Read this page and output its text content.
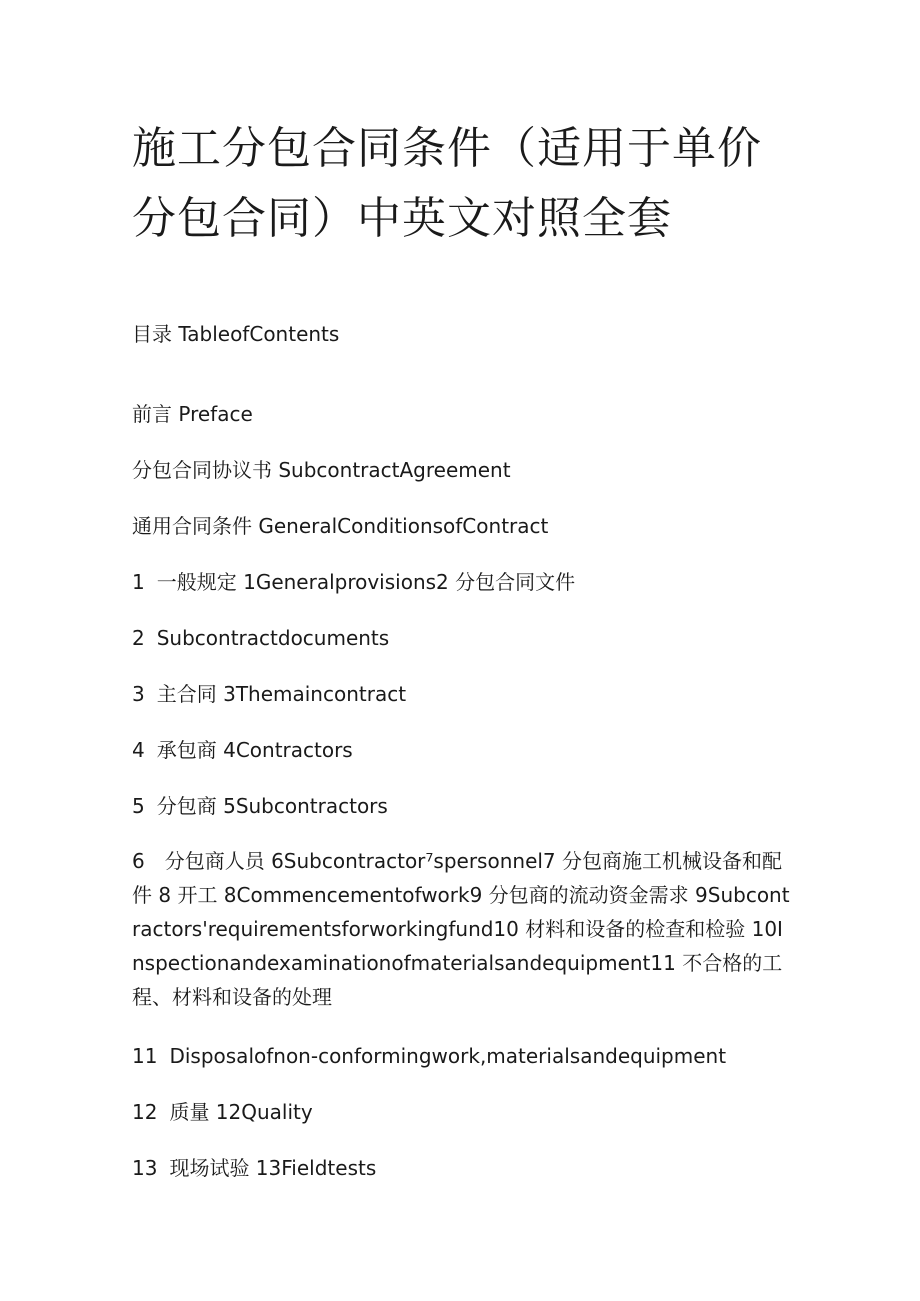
施工分包合同条件（适用于单价分包合同）中英文对照全套

目录 TableofContents

前言 Preface

分包合同协议书 SubcontractAgreement

通用合同条件 GeneralConditionsofContract

1 一般规定 1Generalprovisions2 分包合同文件

2 Subcontractdocuments

3 主合同 3Themaincontract

4 承包商 4Contractors

5 分包商 5Subcontractors

6　分包商人员 6Subcontractor⁷spersonnel7 分包商施工机械设备和配件 8 开工 8Commencementofwork9 分包商的流动资金需求 9Subcontractors'requirementsforworkingfund10 材料和设备的检查和检验 10Inspectionandexaminationofmaterialsandequipment11 不合格的工程、材料和设备的处理

11 Disposalofnon-conformingwork,materialsandequipment

12 质量 12Quality

13 现场试验 13Fieldtests
